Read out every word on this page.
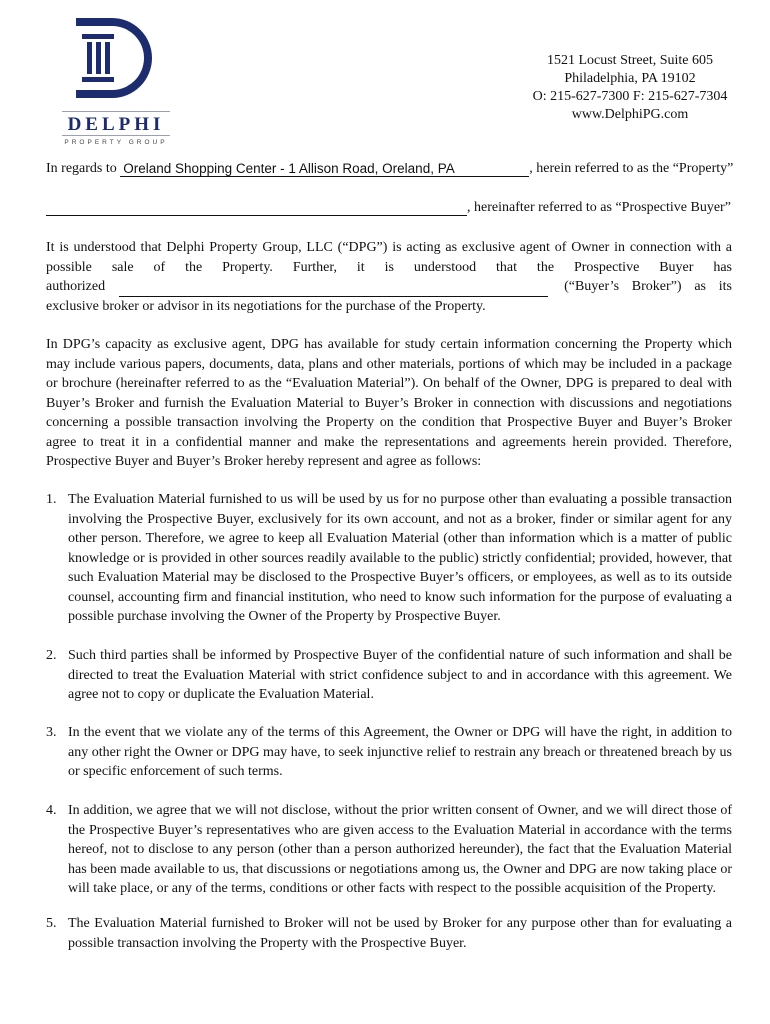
DELPHI
PROPERTY GROUP
1521 Locust Street, Suite 605
Philadelphia, PA 19102
O: 215-627-7300 F: 215-627-7304
www.DelphiPG.com
In regards to Oreland Shopping Center - 1 Allison Road, Oreland, PA	, herein referred to as the “Property”
, hereinafter referred to as “Prospective Buyer”
It is understood that Delphi Property Group, LLC (“DPG”) is acting as exclusive agent of Owner in connection with a
possible sale of the Property. Further, it is understood that the Prospective Buyer has
authorized	(“Buyer’s Broker”) as its
exclusive broker or advisor in its negotiations for the purchase of the Property.
In DPG’s capacity as exclusive agent, DPG has available for study certain information concerning the Property which may include various papers, documents, data, plans and other materials, portions of which may be included in a package or brochure (hereinafter referred to as the “Evaluation Material”). On behalf of the Owner, DPG is prepared to deal with Buyer’s Broker and furnish the Evaluation Material to Buyer’s Broker in connection with discussions and negotiations concerning a possible transaction involving the Property on the condition that Prospective Buyer and Buyer’s Broker agree to treat it in a confidential manner and make the representations and agreements herein provided. Therefore, Prospective Buyer and Buyer’s Broker hereby represent and agree as follows:
1. The Evaluation Material furnished to us will be used by us for no purpose other than evaluating a possible transaction involving the Prospective Buyer, exclusively for its own account, and not as a broker, finder or similar agent for any other person. Therefore, we agree to keep all Evaluation Material (other than information which is a matter of public knowledge or is provided in other sources readily available to the public) strictly confidential; provided, however, that such Evaluation Material may be disclosed to the Prospective Buyer’s officers, or employees, as well as to its outside counsel, accounting firm and financial institution, who need to know such information for the purpose of evaluating a possible purchase involving the Owner of the Property by Prospective Buyer.
2. Such third parties shall be informed by Prospective Buyer of the confidential nature of such information and shall be directed to treat the Evaluation Material with strict confidence subject to and in accordance with this agreement. We agree not to copy or duplicate the Evaluation Material.
3. In the event that we violate any of the terms of this Agreement, the Owner or DPG will have the right, in addition to any other right the Owner or DPG may have, to seek injunctive relief to restrain any breach or threatened breach by us or specific enforcement of such terms.
4. In addition, we agree that we will not disclose, without the prior written consent of Owner, and we will direct those of the Prospective Buyer’s representatives who are given access to the Evaluation Material in accordance with the terms hereof, not to disclose to any person (other than a person authorized hereunder), the fact that the Evaluation Material has been made available to us, that discussions or negotiations among us, the Owner and DPG are now taking place or will take place, or any of the terms, conditions or other facts with respect to the possible acquisition of the Property.
5. The Evaluation Material furnished to Broker will not be used by Broker for any purpose other than for evaluating a possible transaction involving the Property with the Prospective Buyer.
